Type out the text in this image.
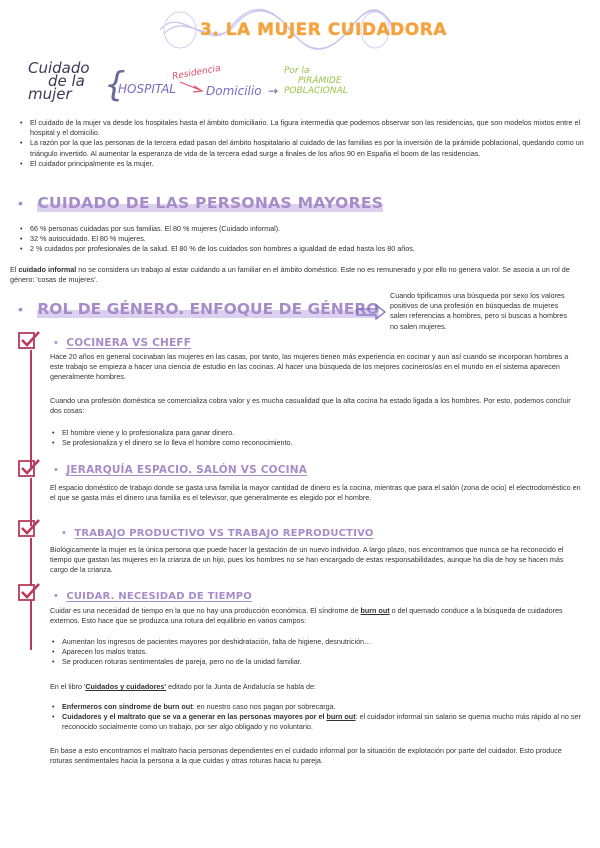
3. LA MUJER CUIDADORA
Cuidado
de la
mujer {
HOSPITAL
Residencia
Domicilio →
Por la
PIRÁMIDE
POBLACIONAL
• El cuidado de la mujer va desde los hospitales hasta el ámbito domiciliario. La figura intermedia que podemos observar son las residencias, que son modelos mixtos entre el hospital y el domicilio.
• La razón por la que las personas de la tercera edad pasan del ámbito hospitalario al cuidado de las familias es por la inversión de la pirámide poblacional, quedando como un triángulo invertido. Al aumentar la esperanza de vida de la tercera edad surge a finales de los años 90 en España el boom de las residencias.
• El cuidador principalmente es la mujer.
• CUIDADO DE LAS PERSONAS MAYORES
• 66 % personas cuidadas por sus familias. El 80 % mujeres (Cuidado informal).
• 32 % autocuidado. El 80 % mujeres.
• 2 % cuidados por profesionales de la salud. El 80 % de los cuidados son hombres a igualdad de edad hasta los 80 años.
El cuidado informal no se considera un trabajo al estar cuidando a un familiar en el ámbito doméstico. Este no es remunerado y por ello no genera valor. Se asocia a un rol de género: 'cosas de mujeres'.
• ROL DE GÉNERO. ENFOQUE DE GÉNERO
Cuando tipificamos una búsqueda por sexo los valores positivos de una profesión en búsquedas de mujeres salen referencias a hombres, pero si buscas a hombres no salen mujeres.
• COCINERA VS CHEFF
Hace 20 años en general cocinaban las mujeres en las casas, por tanto, las mujeres tienen más experiencia en cocinar y aun así cuando se incorporan hombres a este trabajo se empieza a hacer una ciencia de estudio en las cocinas. Al hacer una búsqueda de los mejores cocineros/as en el mundo en el sistema aparecen generalmente hombres.
Cuando una profesión doméstica se comercializa cobra valor y es mucha casualidad que la alta cocina ha estado ligada a los hombres. Por esto, podemos concluir dos cosas:
• El hombre viene y lo profesionaliza para ganar dinero.
• Se profesionaliza y el dinero se lo lleva el hombre como reconocimiento.
• JERARQUÍA ESPACIO. SALÓN VS COCINA
El espacio doméstico de trabajo donde se gasta una familia la mayor cantidad de dinero es la cocina, mientras que para el salón (zona de ocio) el electrodoméstico en el que se gasta más el dinero una familia es el televisor, que generalmente es elegido por el hombre.
• TRABAJO PRODUCTIVO VS TRABAJO REPRODUCTIVO
Biológicamente la mujer es la única persona que puede hacer la gestación de un nuevo individuo. A largo plazo, nos encontramos que nunca se ha reconocido el tiempo que gastan las mujeres en la crianza de un hijo, pues los hombres no se han encargado de estas responsabilidades, aunque ha día de hoy se hacen más cargo de la crianza.
• CUIDAR. NECESIDAD DE TIEMPO
Cuidar es una necesidad de tiempo en la que no hay una producción económica. El síndrome de burn out o del quemado conduce a la búsqueda de cuidadores externos. Esto hace que se produzca una rotura del equilibrio en varios campos:
• Aumentan los ingresos de pacientes mayores por deshidratación, falta de higiene, desnutrición…
• Aparecen los malos tratos.
• Se producen roturas sentimentales de pareja, pero no de la unidad familiar.
En el libro 'Cuidados y cuidadores' editado por la Junta de Andalucía se habla de:
• Enfermeros con síndrome de burn out: en nuestro caso nos pagan por sobrecarga.
• Cuidadores y el maltrato que se va a generar en las personas mayores por el burn out: el cuidador informal sin salario se quema mucho más rápido al no ser reconocido socialmente como un trabajo, por ser algo obligado y no voluntario.
En base a esto encontramos el maltrato hacia personas dependientes en el cuidado informal por la situación de explotación por parte del cuidador. Esto produce roturas sentimentales hacia la persona a la que cuidas y otras roturas hacia tu pareja.
